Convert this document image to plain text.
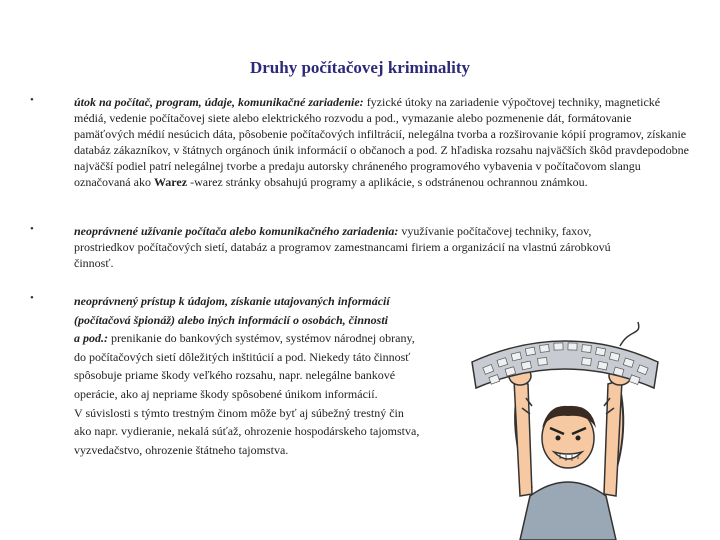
Druhy počítačovej kriminality
•	útok na počítač, program, údaje, komunikačné zariadenie: fyzické útoky na zariadenie výpočtovej techniky, magnetické médiá, vedenie počítačovej siete alebo elektrického rozvodu a pod., vymazanie alebo pozmenenie dát, formátovanie pamäťových médií nesúcich dáta, pôsobenie počítačových infiltrácií, nelegálna tvorba a rozširovanie kópií programov, získanie databáz zákazníkov, v štátnych orgánoch únik informácií o občanoch a pod. Z hľadiska rozsahu najväčších škôd pravdepodobne najväčší podiel patrí nelegálnej tvorbe a predaju autorsky chráneného programového vybavenia v počítačovom slangu označovaná ako Warez -warez stránky obsahujú programy a aplikácie, s odstránenou ochrannou známkou.
•	neoprávnené užívanie počítača alebo komunikačného zariadenia: využívanie počítačovej techniky, faxov, prostriedkov počítačových sietí, databáz a programov zamestnancami firiem a organizácií na vlastnú zárobkovú činnosť.
•	neoprávnený prístup k údajom, získanie utajovaných informácií
(počítačová špionáž) alebo iných informácií o osobách, činnosti
a pod.: prenikanie do bankových systémov, systémov národnej obrany,
do počítačových sietí dôležitých inštitúcií a pod. Niekedy táto činnosť
spôsobuje priame škody veľkého rozsahu, napr. nelegálne bankové
operácie, ako aj nepriame škody spôsobené únikom informácií.
V súvislosti s týmto trestným činom môže byť aj súbežný trestný čin
ako napr. vydieranie, nekalá súťaž, ohrozenie hospodárskeho tajomstva,
vyzvedačstvo, ohrozenie štátneho tajomstva.
